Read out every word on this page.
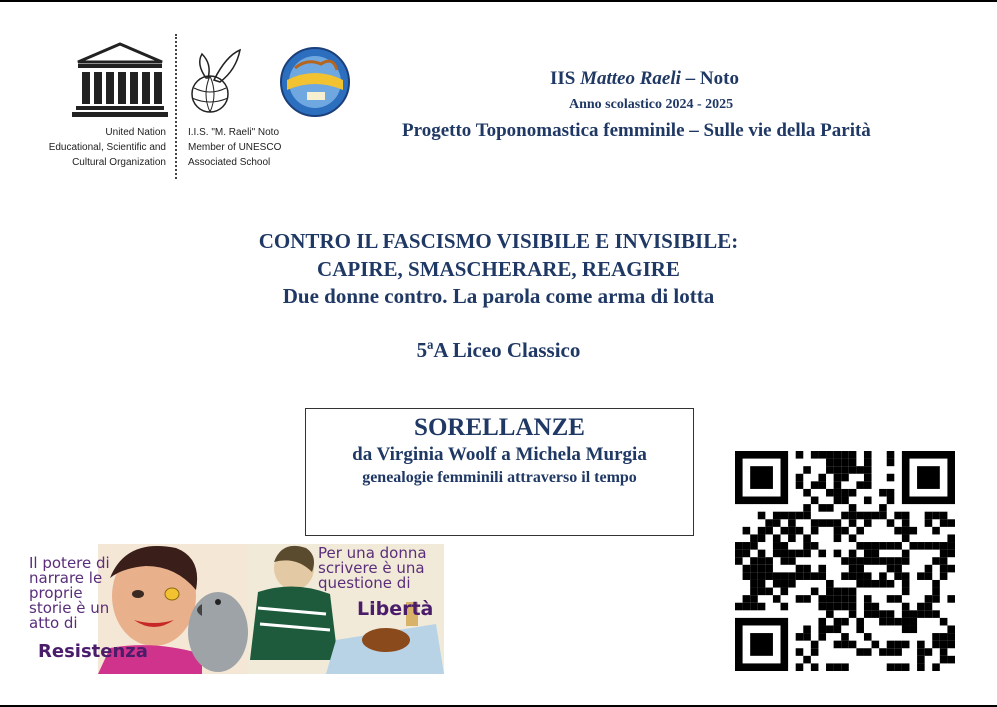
United Nation
Educational, Scientific and
Cultural Organization
I.I.S. "M. Raeli" Noto
Member of UNESCO
Associated School
IIS Matteo Raeli – Noto
Anno scolastico 2024 - 2025
Progetto Toponomastica femminile – Sulle vie della Parità
CONTRO IL FASCISMO VISIBILE E INVISIBILE:
CAPIRE, SMASCHERARE, REAGIRE
Due donne contro. La parola come arma di lotta
5ªA Liceo Classico
SORELLANZE
da Virginia Woolf a Michela Murgia
genealogie femminili attraverso il tempo
Il potere di narrare le proprie storie è un atto di
Resistenza
Per una donna scrivere è una questione di
Libertà
